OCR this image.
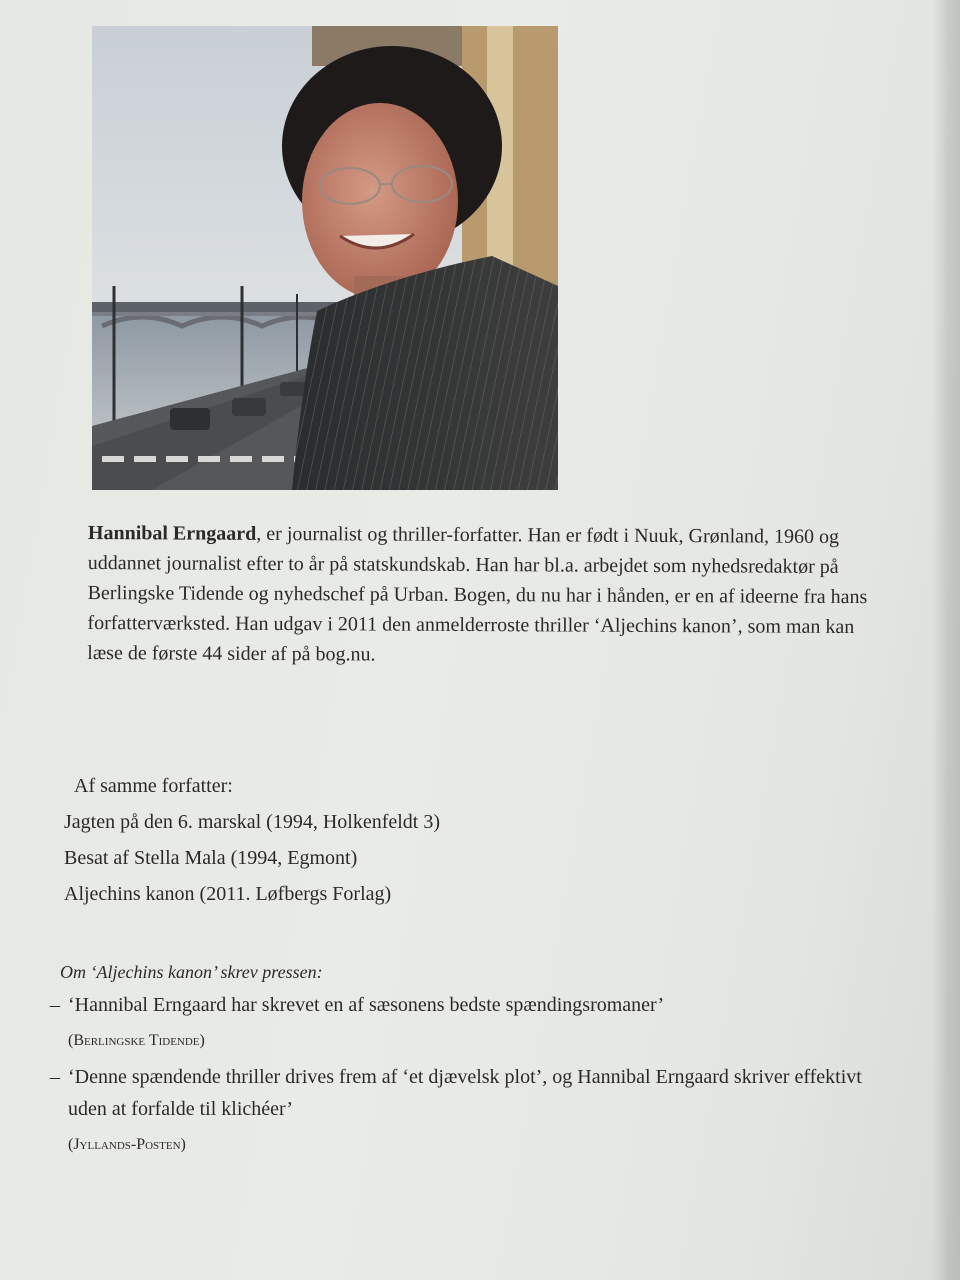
Hannibal Erngaard, er journalist og thriller-forfatter. Han er født i Nuuk, Grønland, 1960 og uddannet journalist efter to år på statskundskab. Han har bl.a. arbejdet som nyhedsredaktør på Berlingske Tidende og nyhedschef på Urban. Bogen, du nu har i hånden, er en af ideerne fra hans forfatterværksted. Han udgav i 2011 den anmelderroste thriller ‘Aljechins kanon’, som man kan læse de første 44 sider af på bog.nu.

Af samme forfatter:
Jagten på den 6. marskal (1994, Holkenfeldt 3)
Besat af Stella Mala (1994, Egmont)
Aljechins kanon (2011. Løfbergs Forlag)
Om ‘Aljechins kanon’ skrev pressen:
– ‘Hannibal Erngaard har skrevet en af sæsonens bedste spændingsromaner’
(Berlingske Tidende)
– ‘Denne spændende thriller drives frem af ‘et djævelsk plot’, og Hannibal Erngaard skriver effektivt uden at forfalde til klichéer’
(Jyllands-Posten)
